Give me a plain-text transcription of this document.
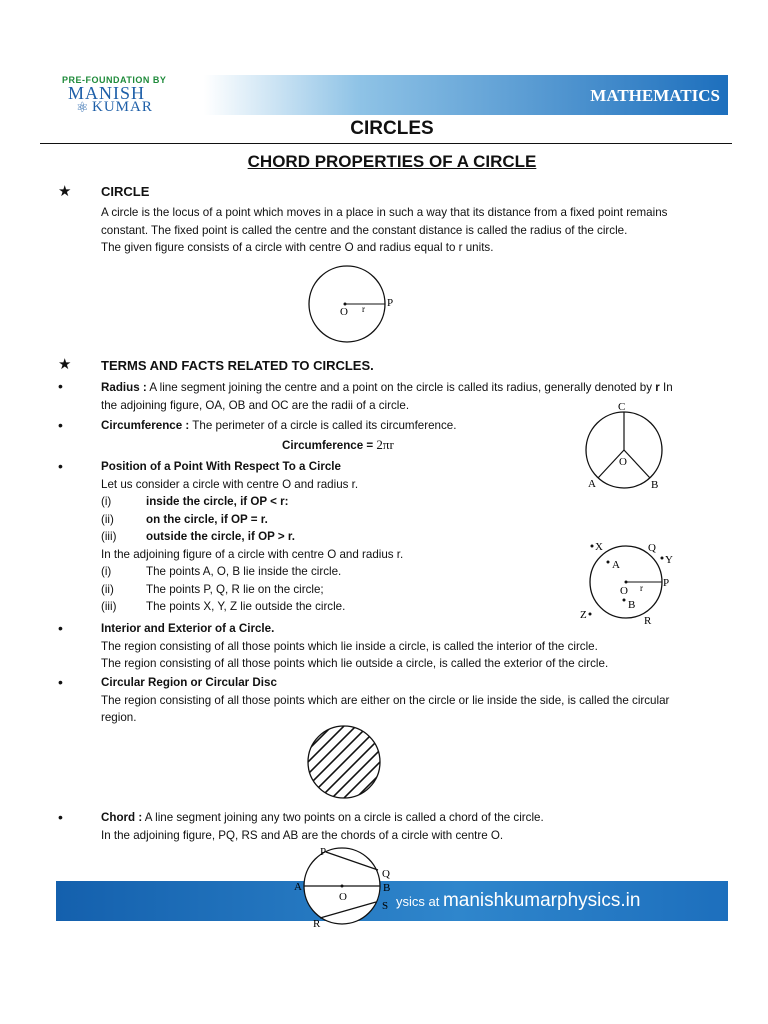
PRE-FOUNDATION BY
MANISH
⚛ KUMAR
MATHEMATICS
CIRCLES
CHORD PROPERTIES OF A CIRCLE
★ CIRCLE
A circle is the locus of a point which moves in a place in such a way that its distance from a fixed point remains
constant. The fixed point is called the centre and the constant distance is called the radius of the circle.
The given figure consists of a circle with centre O and radius equal to r units.
O r P
★ TERMS AND FACTS RELATED TO CIRCLES.
•	Radius : A line segment joining the centre and a point on the circle is called its radius, generally denoted by r In
the adjoining figure, OA, OB and OC are the radii of a circle.
•	Circumference : The perimeter of a circle is called its circumference.
Circumference = 2πr
C
O
A	B
•	Position of a Point With Respect To a Circle
Let us consider a circle with centre O and radius r.
(i)	inside the circle, if OP < r:
(ii)	on the circle, if OP = r.
(iii)	outside the circle, if OP > r.
In the adjoining figure of a circle with centre O and radius r.
(i)	The points A, O, B lie inside the circle.
(ii)	The points P, Q, R lie on the circle;
(iii)	The points X, Y, Z lie outside the circle.
X	Q
Y
A
P
O r
B
Z	R
•	Interior and Exterior of a Circle.
The region consisting of all those points which lie inside a circle, is called the interior of the circle.
The region consisting of all those points which lie outside a circle, is called the exterior of the circle.
•	Circular Region or Circular Disc
The region consisting of all those points which are either on the circle or lie inside the side, is called the circular
region.
•	Chord : A line segment joining any two points on a circle is called a chord of the circle.
In the adjoining figure, PQ, RS and AB are the chords of a circle with centre O.
ysics at manishkumarphysics.in
P
Q
A	B
O
S
R
